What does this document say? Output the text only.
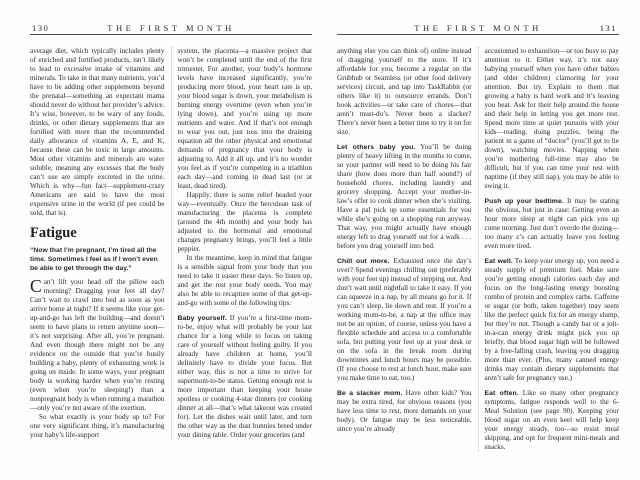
130	THE FIRST MONTH

average diet, which typically includes plenty of enriched and fortified products, isn’t likely to lead to excessive intake of vitamins and minerals. To take in that many nutrients, you’d have to be adding other supplements beyond the prenatal—something an expectant mama should never do without her provider’s advice. It’s wise, however, to be wary of any foods, drinks, or other dietary supplements that are fortified with more than the recommended daily allowance of vitamins A, E, and K, because these can be toxic in large amounts. Most other vitamins and minerals are water soluble, meaning any excesses that the body can’t use are simply excreted in the urine. Which is why—fun fact—supplement-crazy Americans are said to have the most expensive urine in the world (if pee could be sold, that is).

Fatigue

“Now that I’m pregnant, I’m tired all the time. Sometimes I feel as if I won’t even be able to get through the day.”

Can’t lift your head off the pillow each morning? Dragging your feet all day? Can’t wait to crawl into bed as soon as you arrive home at night? If it seems like your get-up-and-go has left the building—and doesn’t seem to have plans to return anytime soon—it’s not surprising. After all, you’re pregnant. And even though there might not be any evidence on the outside that you’re busily building a baby, plenty of exhausting work is going on inside. In some ways, your pregnant body is working harder when you’re resting (even when you’re sleeping!) than a nonpregnant body is when running a marathon—only you’re not aware of the exertion.

So what exactly is your body up to? For one very significant thing, it’s manufacturing your baby’s life-support

system, the placenta—a massive project that won’t be completed until the end of the first trimester. For another, your body’s hormone levels have increased significantly, you’re producing more blood, your heart rate is up, your blood sugar is down, your metabolism is burning energy overtime (even when you’re lying down), and you’re using up more nutrients and water. And if that’s not enough to wear you out, just toss into the draining equation all the other physical and emotional demands of pregnancy that your body is adjusting to. Add it all up, and it’s no wonder you feel as if you’re competing in a triathlon each day—and coming in dead last (or at least, dead tired).

Happily, there is some relief headed your way—eventually. Once the herculean task of manufacturing the placenta is complete (around the 4th month) and your body has adjusted to the hormonal and emotional changes pregnancy brings, you’ll feel a little peppier.

In the meantime, keep in mind that fatigue is a sensible signal from your body that you need to take it easier these days. So listen up, and get the rest your body needs. You may also be able to recapture some of that get-up-and-go with some of the following tips:

Baby yourself. If you’re a first-time mom-to-be, enjoy what will probably be your last chance for a long while to focus on taking care of yourself without feeling guilty. If you already have children at home, you’ll definitely have to divide your focus. But either way, this is not a time to strive for supermom-to-be status. Getting enough rest is more important than keeping your house spotless or cooking 4-star dinners (or cooking dinner at all—that’s what takeout was created for). Let the dishes wait until later, and turn the other way as the dust bunnies breed under your dining table. Order your groceries (and

THE FIRST MONTH	131

anything else you can think of) online instead of dragging yourself to the store. If it’s affordable for you, become a regular on the Grubhub or Seamless (or other food delivery services) circuit, and tap into TaskRabbit (or others like it) to outsource errands. Don’t book activities—or take care of chores—that aren’t must-do’s. Never been a slacker? There’s never been a better time to try it on for size.

Let others baby you. You’ll be doing plenty of heavy lifting in the months to come, so your partner will need to be doing his fair share (how does more than half sound?) of household chores, including laundry and grocery shopping. Accept your mother-in-law’s offer to cook dinner when she’s visiting. Have a pal pick up some essentials for you while she’s going on a shopping run anyway. That way, you might actually have enough energy left to drag yourself out for a walk . . . before you drag yourself into bed.

Chill out more. Exhausted once the day’s over? Spend evenings chilling out (preferably with your feet up) instead of stepping out. And don’t wait until nightfall to take it easy. If you can squeeze in a nap, by all means go for it. If you can’t sleep, lie down and rest. If you’re a working mom-to-be, a nap at the office may not be an option, of course, unless you have a flexible schedule and access to a comfortable sofa, but putting your feet up at your desk or on the sofa in the break room during downtimes and lunch hours may be possible. (If you choose to rest at lunch hour, make sure you make time to eat, too.)

Be a slacker mom. Have other kids? You may be extra tired, for obvious reasons (you have less time to rest, more demands on your body). Or fatigue may be less noticeable, since you’re already

accustomed to exhaustion—or too busy to pay attention to it. Either way, it’s not easy babying yourself when you have other babies (and older children) clamoring for your attention. But try. Explain to them that growing a baby is hard work and it’s leaving you beat. Ask for their help around the house and their help in letting you get more rest. Spend more time at quiet pursuits with your kids—reading, doing puzzles, being the patient in a game of “doctor” (you’ll get to lie down), watching movies. Napping when you’re mothering full-time may also be difficult, but if you can time your rest with naptime (if they still nap), you may be able to swing it.

Push up your bedtime. It may be stating the obvious, but just in case: Getting even an hour more sleep at night can pick you up come morning. Just don’t overdo the dozing—too many z’s can actually leave you feeling even more tired.

Eat well. To keep your energy up, you need a steady supply of premium fuel. Make sure you’re getting enough calories each day and focus on the long-lasting energy boosting combo of protein and complex carbs. Caffeine or sugar (or both, taken together) may seem like the perfect quick fix for an energy slump, but they’re not. Though a candy bar or a jolt-in-a-can energy drink might pick you up briefly, that blood sugar high will be followed by a free-falling crash, leaving you dragging more than ever. (Plus, many canned energy drinks may contain dietary supplements that aren’t safe for pregnancy use.)

Eat often. Like so many other pregnancy symptoms, fatigue responds well to the 6-Meal Solution (see page 90). Keeping your blood sugar on an even keel will help keep your energy steady, too—so resist meal skipping, and opt for frequent mini-meals and snacks.
